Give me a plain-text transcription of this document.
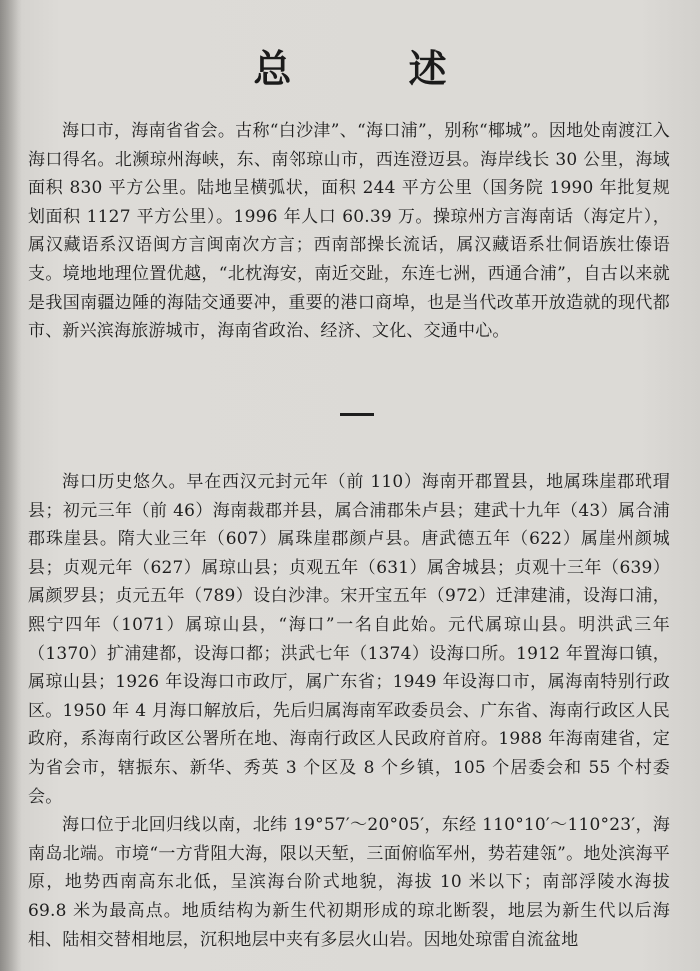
总 述

海口市，海南省省会。古称“白沙津”、“海口浦”，别称“椰城”。因地处南渡江入海口得名。北濒琼州海峡，东、南邻琼山市，西连澄迈县。海岸线长 30 公里，海域面积 830 平方公里。陆地呈横弧状，面积 244 平方公里（国务院 1990 年批复规划面积 1127 平方公里）。1996 年人口 60.39 万。操琼州方言海南话（海定片），属汉藏语系汉语闽方言闽南次方言；西南部操长流话，属汉藏语系壮侗语族壮傣语支。境地地理位置优越，“北枕海安，南近交趾，东连七洲，西通合浦”，自古以来就是我国南疆边陲的海陆交通要冲，重要的港口商埠，也是当代改革开放造就的现代都市、新兴滨海旅游城市，海南省政治、经济、文化、交通中心。

海口历史悠久。早在西汉元封元年（前 110）海南开郡置县，地属珠崖郡玳瑁县；初元三年（前 46）海南裁郡并县，属合浦郡朱卢县；建武十九年（43）属合浦郡珠崖县。隋大业三年（607）属珠崖郡颜卢县。唐武德五年（622）属崖州颜城县；贞观元年（627）属琼山县；贞观五年（631）属舍城县；贞观十三年（639）属颜罗县；贞元五年（789）设白沙津。宋开宝五年（972）迁津建浦，设海口浦，熙宁四年（1071）属琼山县，“海口”一名自此始。元代属琼山县。明洪武三年（1370）扩浦建都，设海口都；洪武七年（1374）设海口所。1912 年置海口镇，属琼山县；1926 年设海口市政厅，属广东省；1949 年设海口市，属海南特别行政区。1950 年 4 月海口解放后，先后归属海南军政委员会、广东省、海南行政区人民政府，系海南行政区公署所在地、海南行政区人民政府首府。1988 年海南建省，定为省会市，辖振东、新华、秀英 3 个区及 8 个乡镇，105 个居委会和 55 个村委会。

海口位于北回归线以南，北纬 19°57′～20°05′，东经 110°10′～110°23′，海南岛北端。市境“一方背阻大海，限以天堑，三面俯临军州，势若建瓴”。地处滨海平原，地势西南高东北低，呈滨海台阶式地貌，海拔 10 米以下；南部浮陵水海拔 69.8 米为最高点。地质结构为新生代初期形成的琼北断裂，地层为新生代以后海相、陆相交替相地层，沉积地层中夹有多层火山岩。因地处琼雷自流盆地
